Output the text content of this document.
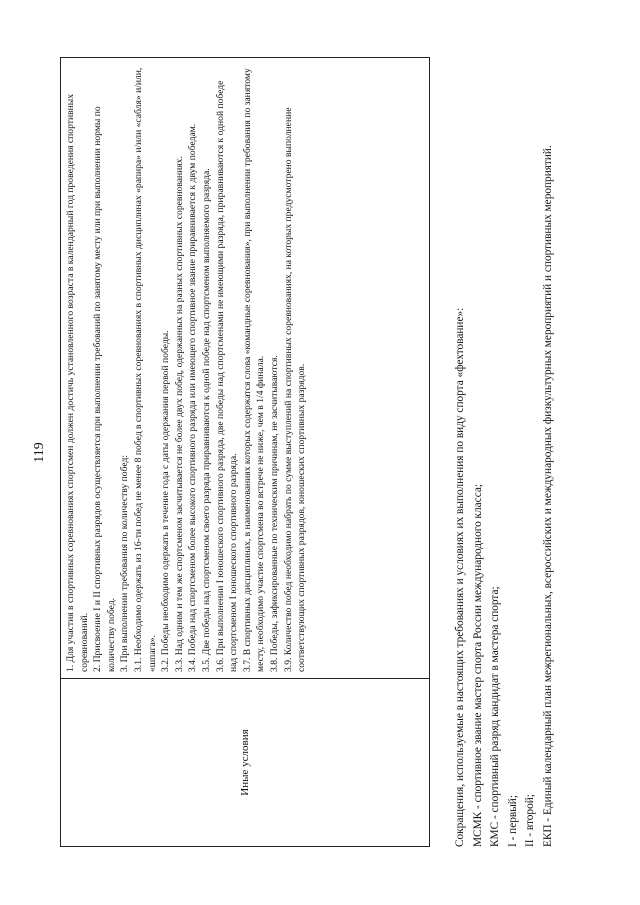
119
Иные условия

1. Для участия в спортивных соревнованиях спортсмен должен достичь установленного возраста в календарный год проведения спортивных соревнований. 2. Присвоение I и II спортивных разрядов осуществляется при выполнении требований по занятому месту или при выполнении нормы по количеству побед. 3. При выполнении требования по количеству побед: 3.1. Необходимо одержать из 16-ти побед не менее 8 побед в спортивных соревнованиях в спортивных дисциплинах «рапира» и/или «сабля» и/или, «шпага». 3.2. Победы необходимо одержать в течение года с даты одержания первой победы. 3.3. Над одним и тем же спортсменом засчитывается не более двух побед, одержанных на разных спортивных соревнованиях. 3.4. Победа над спортсменом более высокого спортивного разряда или имеющего спортивное звание приравнивается к двум победам. 3.5. Две победы над спортсменом своего разряда приравниваются к одной победе над спортсменом выполняемого разряда. 3.6. При выполнении I юношеского спортивного разряда, две победы над спортсменами не имеющими разряда, приравниваются к одной победе над спортсменом I юношеского спортивного разряда. 3.7. В спортивных дисциплинах, в наименованиях которых содержатся слова «командные соревнования», при выполнении требования по занятому месту, необходимо участие спортсмена во встрече не ниже, чем в 1/4 финала. 3.8. Победы, зафиксированные по техническим причинам, не засчитываются. 3.9. Количество побед необходимо набрать по сумме выступлений на спортивных соревнованиях, на которых предусмотрено выполнение соответствующих спортивных разрядов, юношеских спортивных разрядов.	Сокращения, используемые в настоящих требованиях и условиях их выполнения по виду спорта «фехтование»: МСМК - спортивное звание мастер спорта России международного класса; КМС - спортивный разряд кандидат в мастера спорта; I - первый; II - второй; ЕКП - Единый календарный план межрегиональных, всероссийских и международных физкультурных мероприятий и спортивных мероприятий.
